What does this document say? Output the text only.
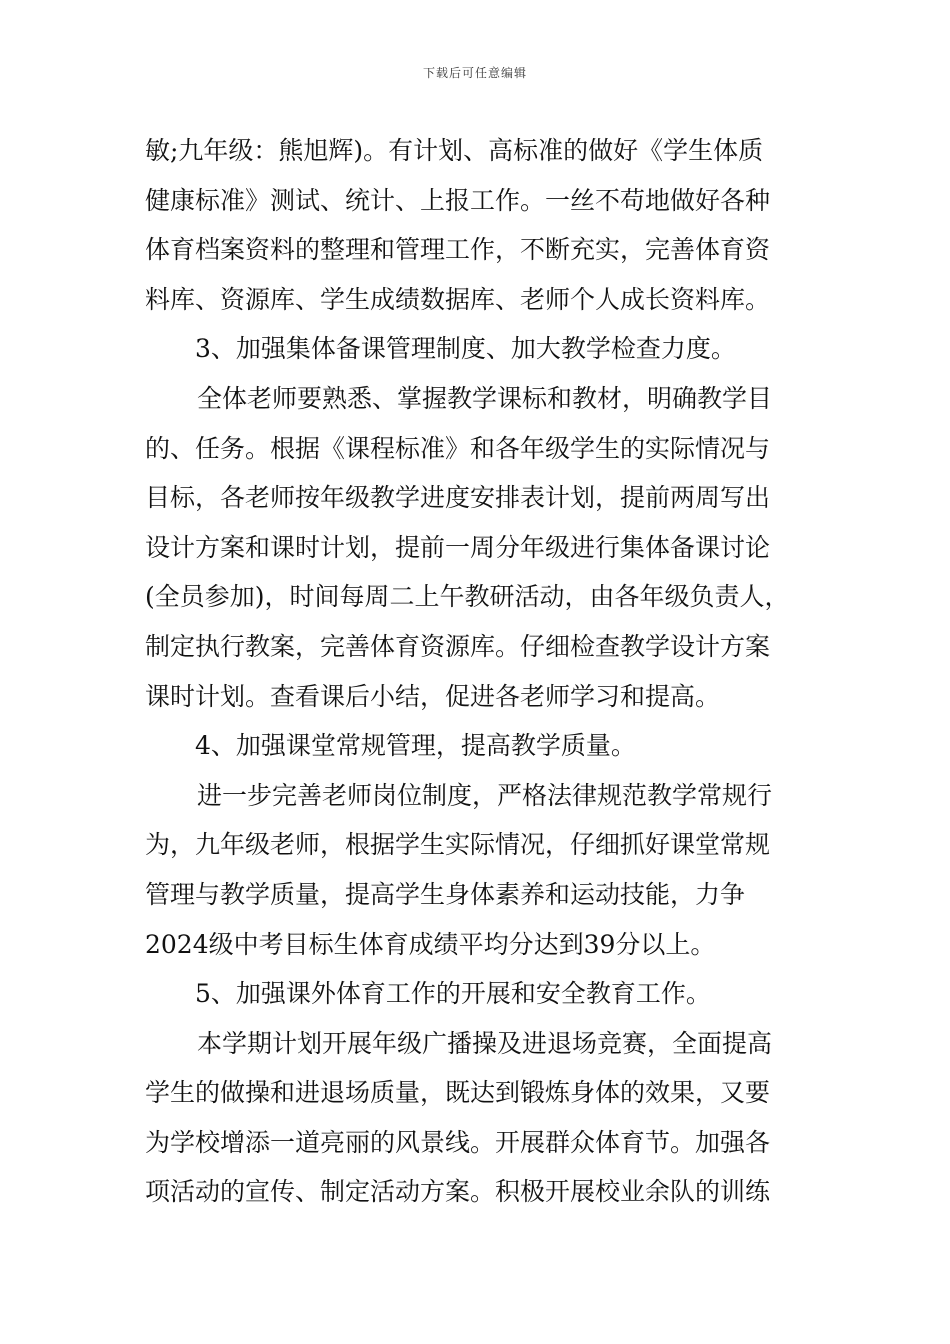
下载后可任意编辑
敏;九年级：熊旭辉)。有计划、高标准的做好《学生体质
健康标准》测试、统计、上报工作。一丝不苟地做好各种
体育档案资料的整理和管理工作，不断充实，完善体育资
料库、资源库、学生成绩数据库、老师个人成长资料库。
3、加强集体备课管理制度、加大教学检查力度。
全体老师要熟悉、掌握教学课标和教材，明确教学目
的、任务。根据《课程标准》和各年级学生的实际情况与
目标，各老师按年级教学进度安排表计划，提前两周写出
设计方案和课时计划，提前一周分年级进行集体备课讨论
(全员参加)，时间每周二上午教研活动，由各年级负责人，
制定执行教案，完善体育资源库。仔细检查教学设计方案
课时计划。查看课后小结，促进各老师学习和提高。
4、加强课堂常规管理，提高教学质量。
进一步完善老师岗位制度，严格法律规范教学常规行
为，九年级老师，根据学生实际情况，仔细抓好课堂常规
管理与教学质量，提高学生身体素养和运动技能，力争
2024级中考目标生体育成绩平均分达到39分以上。
5、加强课外体育工作的开展和安全教育工作。
本学期计划开展年级广播操及进退场竞赛，全面提高
学生的做操和进退场质量，既达到锻炼身体的效果，又要
为学校增添一道亮丽的风景线。开展群众体育节。加强各
项活动的宣传、制定活动方案。积极开展校业余队的训练
